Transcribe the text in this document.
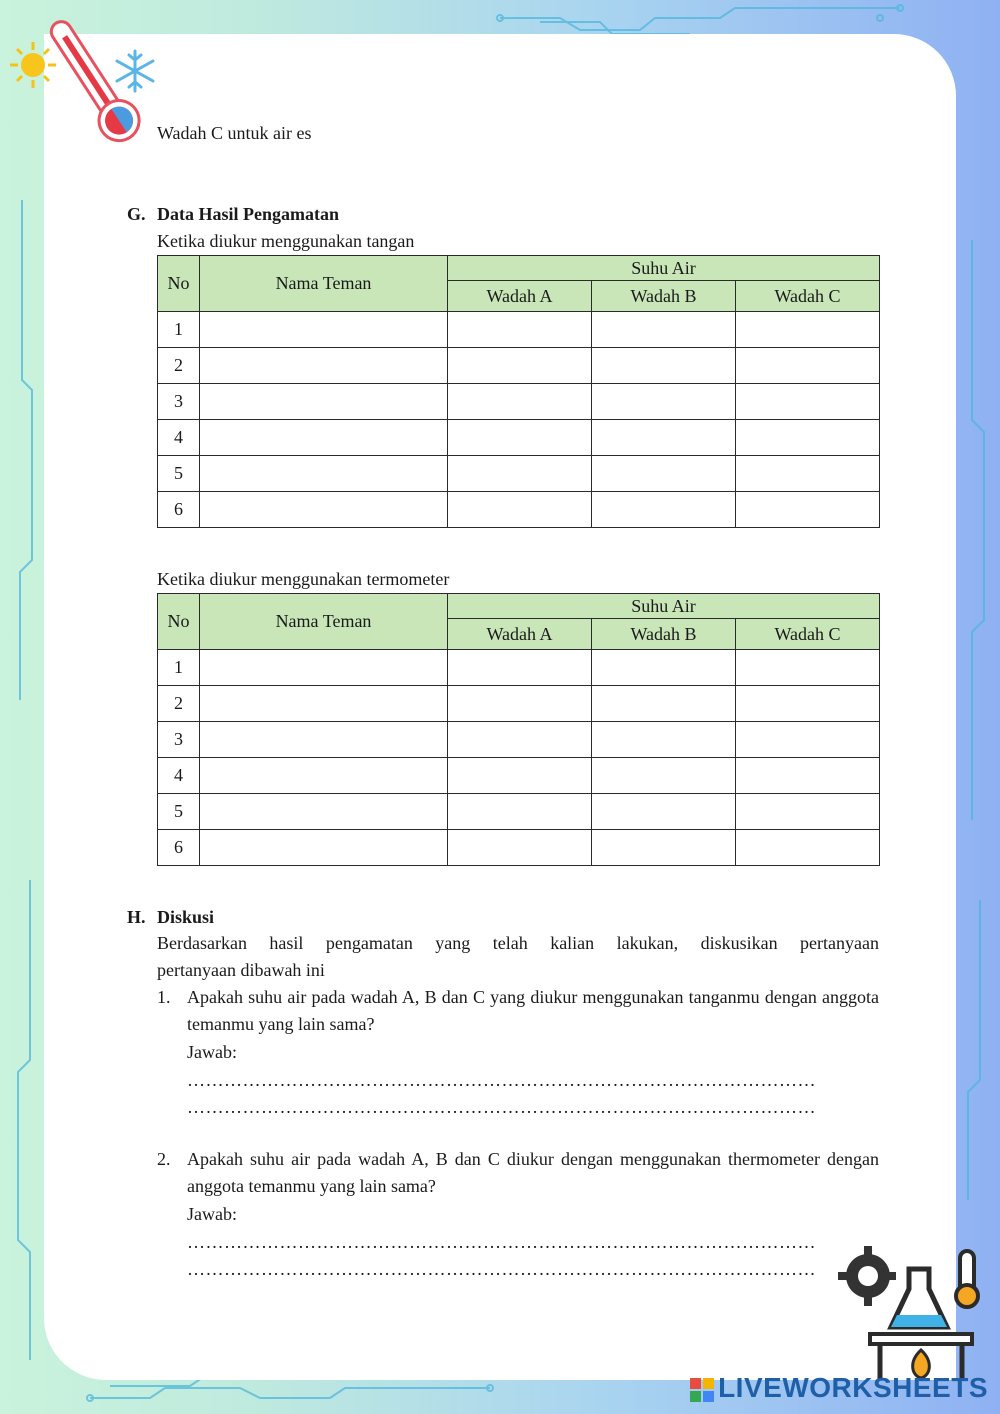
Wadah C untuk air es
G. Data Hasil Pengamatan
Ketika diukur menggunakan tangan
No	Nama Teman	Suhu Air		
		Wadah A	Wadah B	Wadah C
1				
2				
3				
4				
5				
6				
Ketika diukur menggunakan termometer
No	Nama Teman	Suhu Air		
		Wadah A	Wadah B	Wadah C
1				
2				
3				
4				
5				
6				
H. Diskusi
Berdasarkan hasil pengamatan yang telah kalian lakukan, diskusikan pertanyaan
pertanyaan dibawah ini
1. Apakah suhu air pada wadah A, B dan C yang diukur menggunakan tanganmu dengan anggota temanmu yang lain sama?
Jawab:
…………………………………………………………………………………………
…………………………………………………………………………………………
2. Apakah suhu air pada wadah A, B dan C diukur dengan menggunakan thermometer dengan anggota temanmu yang lain sama?
Jawab:
…………………………………………………………………………………………
…………………………………………………………………………………………
LIVEWORKSHEETS
